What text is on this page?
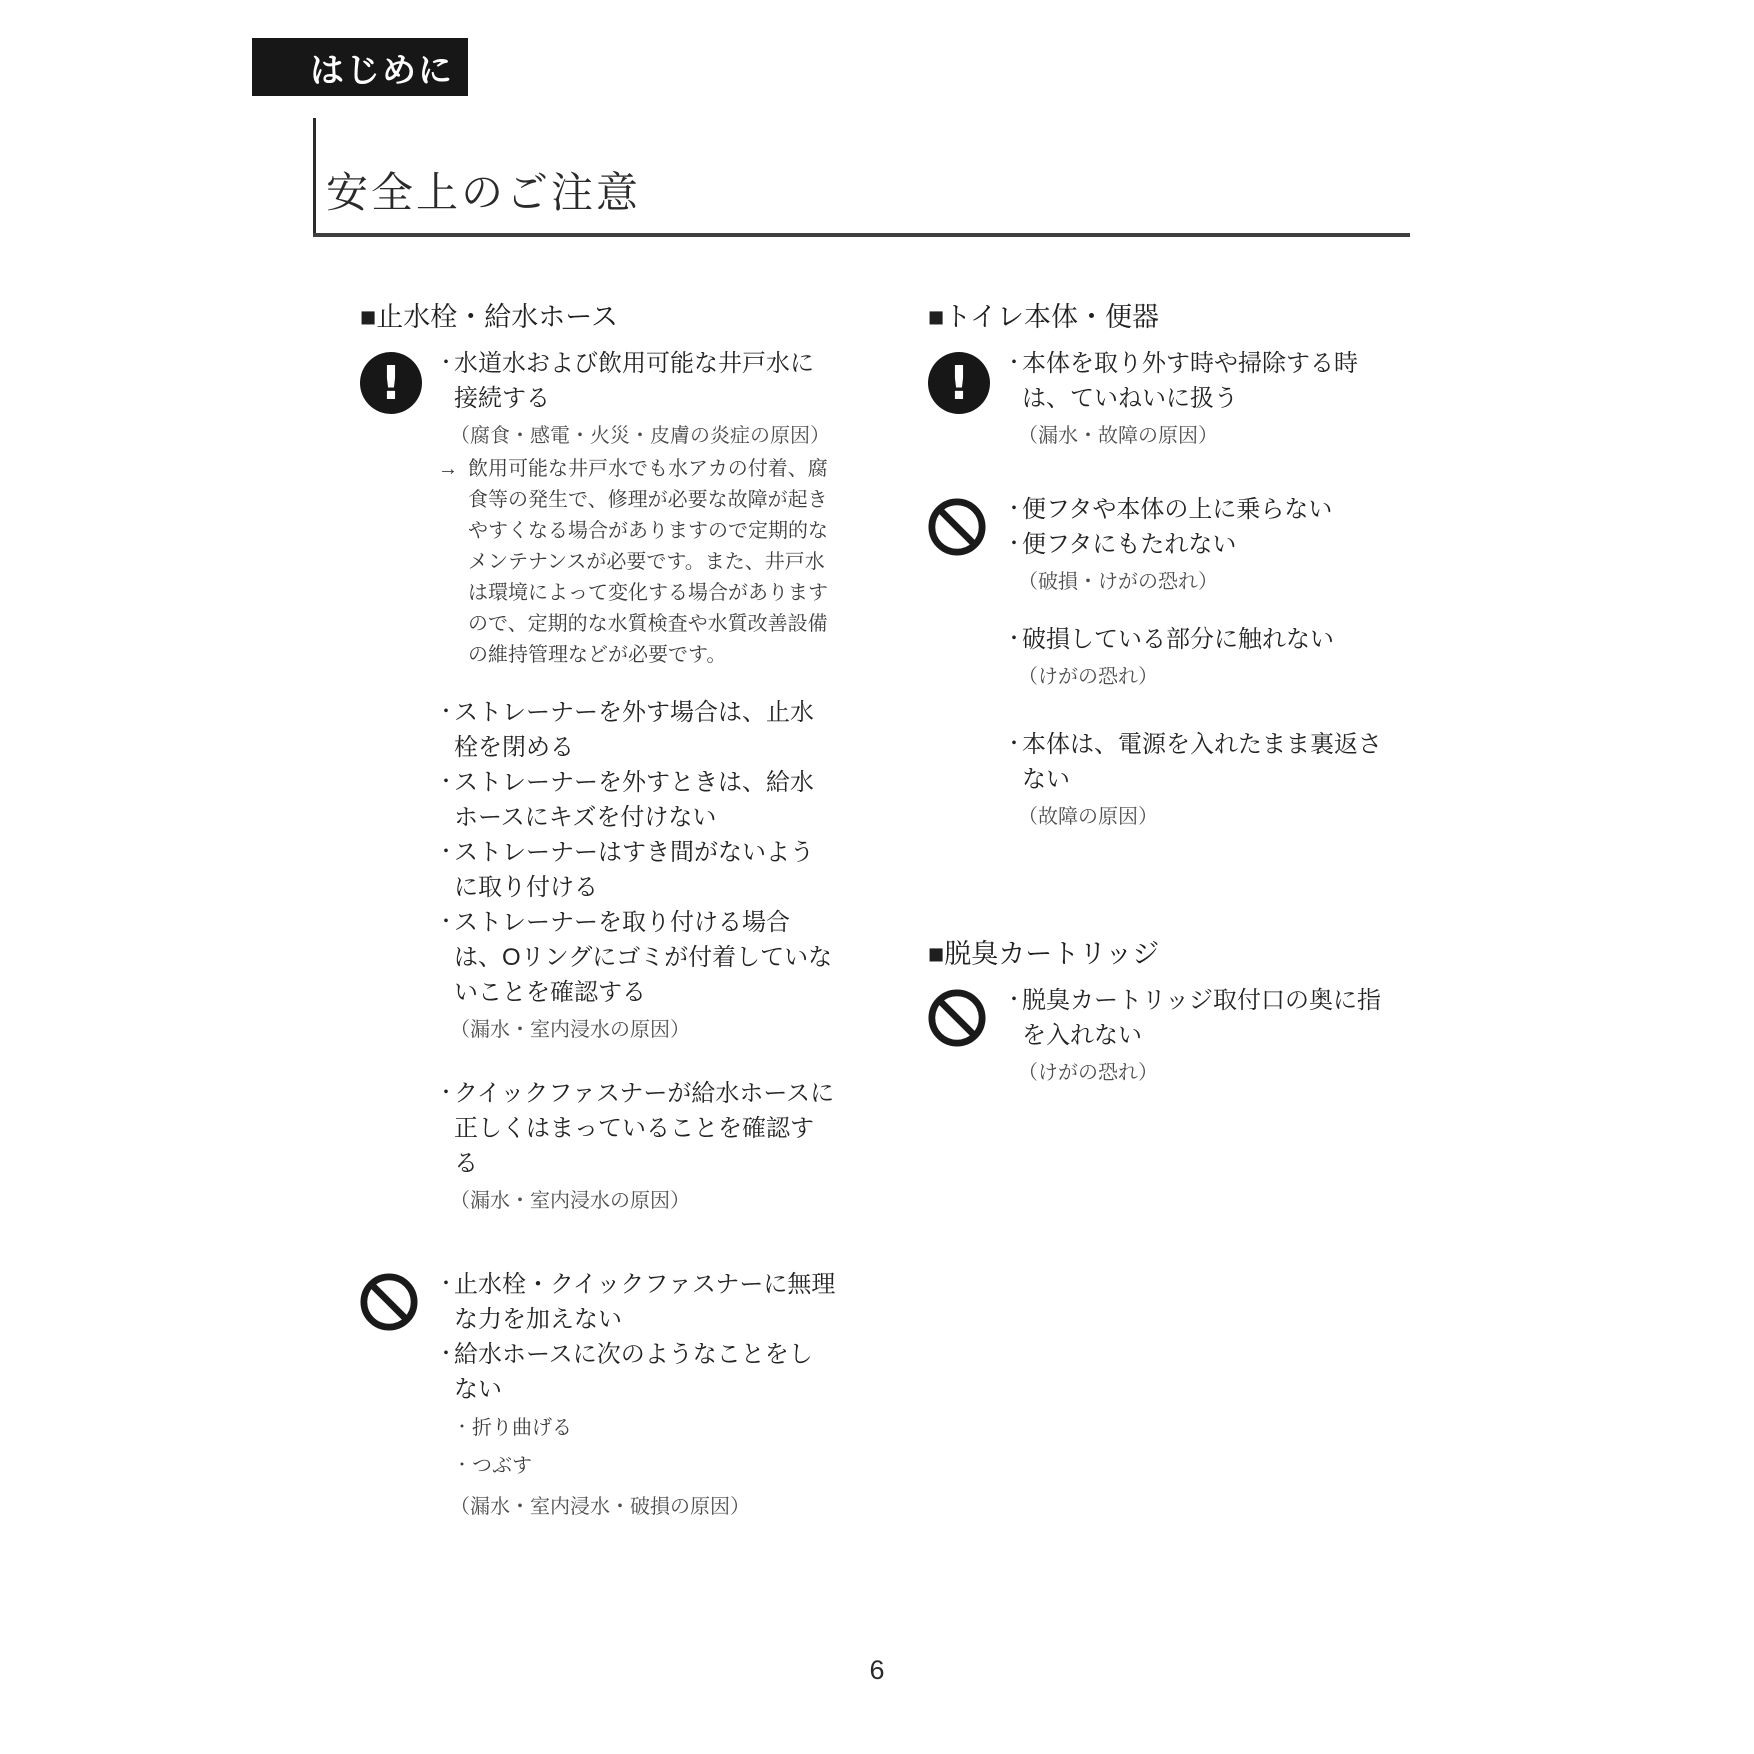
はじめに
安全上のご注意
■止水栓・給水ホース
! ・
水道水および飲用可能な井戸水に接続する
（腐食・感電・火災・皮膚の炎症の原因）
→ 飲用可能な井戸水でも水アカの付着、腐食等の発生で、修理が必要な故障が起きやすくなる場合がありますので定期的なメンテナンスが必要です。また、井戸水は環境によって変化する場合がありますので、定期的な水質検査や水質改善設備の維持管理などが必要です。
・
ストレーナーを外す場合は、止水栓を閉める
・
ストレーナーを外すときは、給水ホースにキズを付けない
・
ストレーナーはすき間がないように取り付ける
・
ストレーナーを取り付ける場合は、Oリングにゴミが付着していないことを確認する
（漏水・室内浸水の原因）
・
クイックファスナーが給水ホースに正しくはまっていることを確認する
（漏水・室内浸水の原因）
・
止水栓・クイックファスナーに無理な力を加えない
・
給水ホースに次のようなことをしない
・ 折り曲げる
・ つぶす
（漏水・室内浸水・破損の原因）
■トイレ本体・便器
! ・
本体を取り外す時や掃除する時は、ていねいに扱う
（漏水・故障の原因）
・
便フタや本体の上に乗らない
・
便フタにもたれない
（破損・けがの恐れ）
・
破損している部分に触れない
（けがの恐れ）
・
本体は、電源を入れたまま裏返さない
（故障の原因）
■脱臭カートリッジ
・
脱臭カートリッジ取付口の奥に指を入れない
（けがの恐れ）
6
